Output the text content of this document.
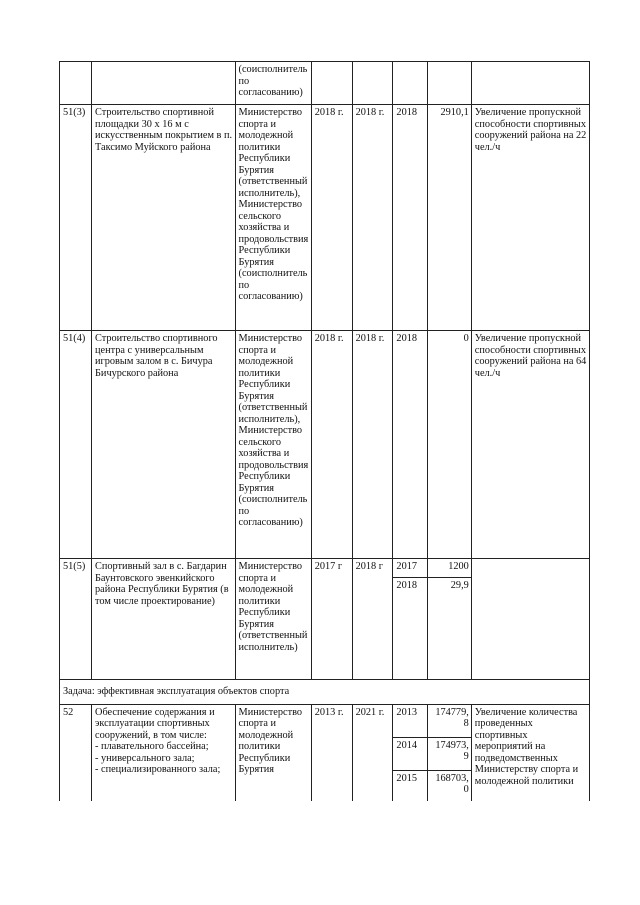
		(соисполнитель по согласованию)					
51(3)	Строительство спортивной площадки 30 х 16 м с искусственным покрытием в п. Таксимо Муйского района	Министерство спорта и молодежной политики Республики Бурятия (ответственный исполнитель), Министерство сельского хозяйства и продовольствия Республики Бурятия (соисполнитель по согласованию)	2018 г.	2018 г.	2018	2910,1	Увеличение пропускной способности спортивных сооружений района на 22 чел./ч
51(4)	Строительство спортивного центра с универсальным игровым залом в с. Бичура Бичурского района	Министерство спорта и молодежной политики Республики Бурятия (ответственный исполнитель), Министерство сельского хозяйства и продовольствия Республики Бурятия (соисполнитель по согласованию)	2018 г.	2018 г.	2018	0	Увеличение пропускной способности спортивных сооружений района на 64 чел./ч
51(5)	Спортивный зал в с. Багдарин Баунтовского эвенкийского района Республики Бурятия (в том числе проектирование)	Министерство спорта и молодежной политики Республики Бурятия (ответственный исполнитель)	2017 г	2018 г	2017	1200	
					2018	29,9	
Задача: эффективная эксплуатация объектов спорта							
52	Обеспечение содержания и эксплуатации спортивных сооружений, в том числе:
- плавательного бассейна;
- универсального зала;
- специализированного зала;	Министерство спорта и молодежной политики Республики Бурятия	2013 г.	2021 г.	2013	174779,8	Увеличение количества проведенных спортивных мероприятий на подведомственных Министерству спорта и молодежной политики
					2014	174973,9	
					2015	168703,0	
